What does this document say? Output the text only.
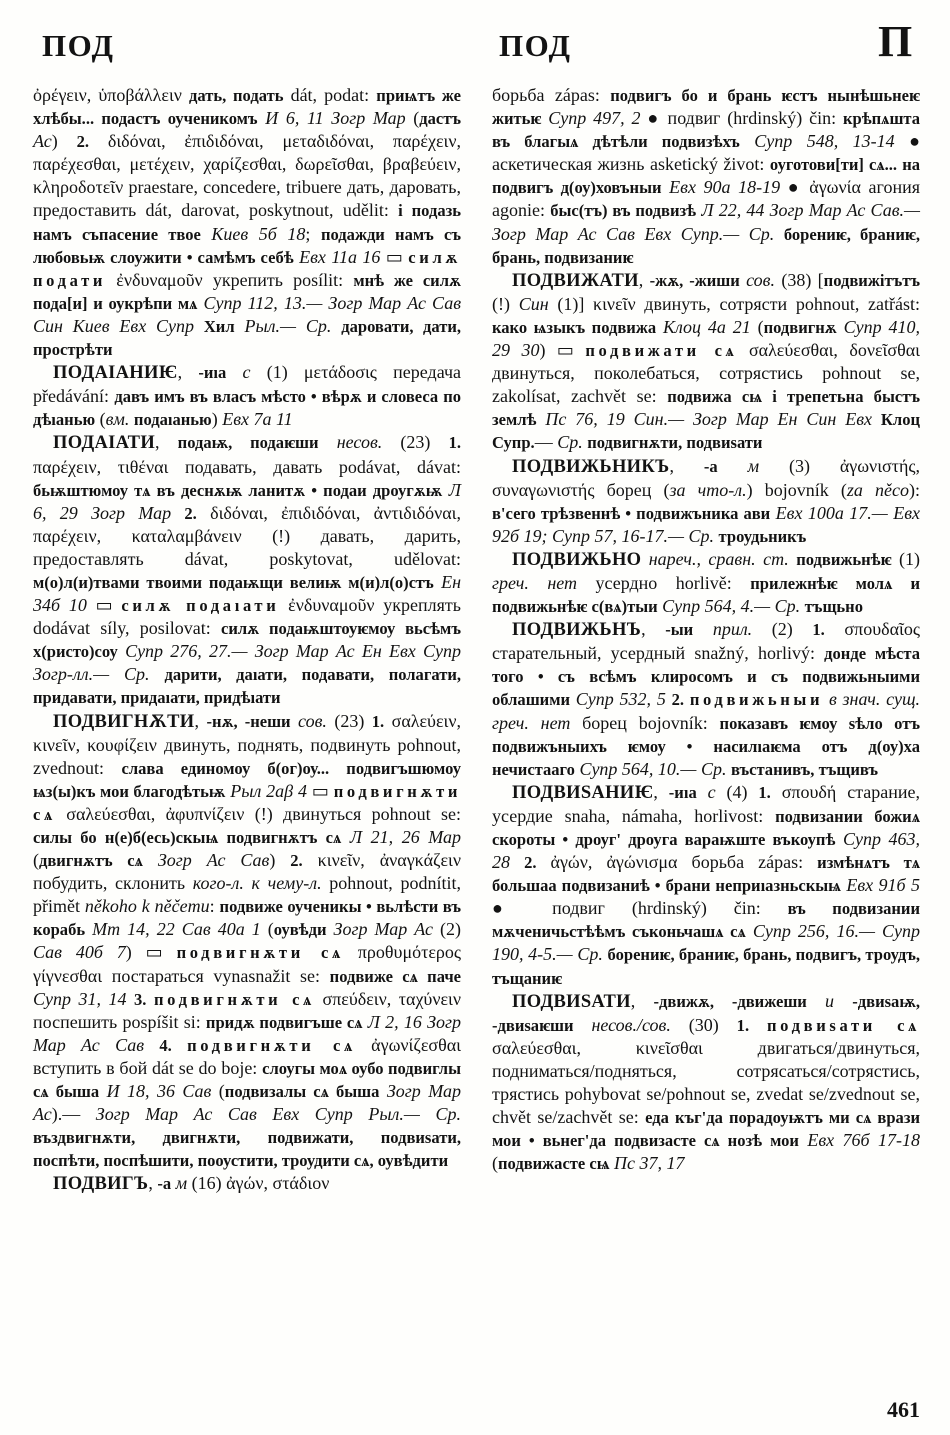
ПОД	ПОД	П

ὀρέγειν, ὑποβάλλειν дать, подать dát, podat: приѩтъ же хлѣбы... подастъ оученикомъ И 6, 11 Зогр Мар (дастъ Ас) 2. διδόναι, ἐπιδιδόναι, μεταδιδόναι, παρέχειν, παρέχεσθαι, μετέχειν, χαρίζεσθαι, δωρεῖσθαι, βραβεύειν, κληροδοτεῖν praestare, concedere, tribuere дать, даровать, предоставить dát, darovat, poskytnout, udělit: і подазь намъ съпасение твое Киев 5б 18; подажди намъ съ любовьѭ слоужити • самѣмъ себѣ Евх 11а 16 ▭ силѫ подати ἐνδυναμοῦν укрепить posílit: мнѣ же силѫ пода[и] и оукрѣпи мѧ Супр 112, 13.— Зогр Мар Ас Сав Син Киев Евх Супр Хил Рыл.— Ср. даровати, дати, прострѣти

ПОДАІАНИѤ, -иıа с (1) μετάδοσις передача předávání: давъ имъ въ власъ мѣсто • вѣрѫ и словеса по дѣıанью (вм. подаıанью) Евх 7а 11

ПОДАІАТИ, подаѭ, подаѥши несов. (23) 1. παρέχειν, τιθέναι подавать, давать podávat, dávat: бьѭштюмоу тѧ въ деснѫѭ ланитѫ • подаи дроугѫѭ Л 6, 29 Зогр Мар 2. διδόναι, ἐπιδιδόναι, ἀντιδιδόναι, παρέχειν, καταλαμβάνειν (!) давать, дарить, предоставлять dávat, poskytovat, udělovat: м(о)л(и)твами твоими подаѭщи велиѭ м(и)л(о)стъ Ен 34б 10 ▭ силѫ подаıати ἐνδυναμοῦν укреплять dodávat síly, posilovat: силѫ подаѭштоуѥмоу вьсѣмъ х(ристо)соу Супр 276, 27.— Зогр Мар Ас Ен Евх Супр Зогр-лл.— Ср. дарити, даıати, подавати, полагати, придавати, придаıати, придѣıати

ПОДВИГНѪТИ, -нѫ, -неши сов. (23) 1. σαλεύειν, κινεῖν, κουφίζειν двинуть, поднять, подвинуть pohnout, zvednout: слава единомоу б(ог)оу... подвигъшюмоу ѩз(ы)къ мои благодѣтьѭ Рыл 2аβ 4 ▭ подвигнѫти сѧ σαλεύεσθαι, ἀφυπνίζειν (!) двинуться pohnout se: силы бо н(е)б(есь)скыѩ подвигнѫтъ сѧ Л 21, 26 Мар (двигнѫтъ сѧ Зогр Ас Сав) 2. κινεῖν, ἀναγκάζειν побудить, склонить кого-л. к чему-л. pohnout, podnítit, přimět někoho k něčemu: подвиже оученикы • вьлѣсти въ корабь Мт 14, 22 Сав 40а 1 (оувѣди Зогр Мар Ас (2) Сав 40б 7) ▭ подвигнѫти сѧ προθυμότερος γίγνεσθαι постараться vynasnažit se: подвиже сѧ паче Супр 31, 14 3. подвигнѫти сѧ σπεύδειν, ταχύνειν поспешить pospíšit si: придѫ подвигъше сѧ Л 2, 16 Зогр Мар Ас Сав 4. подвигнѫти сѧ ἀγωνίζεσθαι вступить в бой dát se do boje: слоугы моѧ оубо подвиглы сѧ быша И 18, 36 Сав (подвизалы сѧ быша Зогр Мар Ас).— Зогр Мар Ас Сав Евх Супр Рыл.— Ср. въздвигнѫти, двигнѫти, подвижати, подвиѕати, поспѣти, поспѣшити, пооустити, троудити сѧ, оувѣдити

ПОДВИГЪ, -а м (16) ἀγών, στάδιον

борьба zápas: подвигъ бо и брань ѥстъ нынѣшьнеѥ житьѥ Супр 497, 2 ● подвиг (hrdinský) čin: крѣпѧшта въ благыѧ дѣтѣли подвизѣхъ Супр 548, 13-14 ● аскетическая жизнь asketický život: оуготови[ти] сѧ... на подвигъ д(оу)ховъныи Евх 90а 18-19 ● ἀγωνία агония agonie: быс(тъ) въ подвизѣ Л 22, 44 Зогр Мар Ас Сав.— Зогр Мар Ас Сав Евх Супр.— Ср. борениѥ, браниѥ, брань, подвизаниѥ

ПОДВИЖАТИ, -жѫ, -жиши сов. (38) [подвижітътъ (!) Син (1)] κινεῖν двинуть, сотрясти pohnout, zatřást: како ѩзыкъ подвижа Клоц 4а 21 (подвигнѫ Супр 410, 29 30) ▭ подвижати сѧ σαλεύεσθαι, δονεῖσθαι двинуться, поколебаться, сотрястись pohnout se, zakolísat, zachvět se: подвижа сѩ і трепетьна быстъ землѣ Пс 76, 19 Син.— Зогр Мар Ен Син Евх Клоц Супр.— Ср. подвигнѫти, подвиѕати

ПОДВИЖЬНИКЪ, -а м (3) ἀγωνιστής, συναγωνιστής борец (за что-л.) bojovník (za něco): в'сего трѣзвеннѣ • подвижъника ави Евх 100а 17.— Евх 92б 19; Супр 57, 16-17.— Ср. троудьникъ

ПОДВИЖЬНО нареч., сравн. ст. подвижьнѣѥ (1) греч. нет усердно horlivě: прилежнѣѥ молѧ и подвижьнѣѥ с(вѧ)тыи Супр 564, 4.— Ср. тъщьно

ПОДВИЖЬНЪ, -ыи прил. (2) 1. σπουδαῖος старательный, усердный snažný, horlivý: донде мѣста того • съ всѣмъ клиросомъ и съ подвижьныими облашими Супр 532, 5 2. подвижьныи в знач. сущ. греч. нет борец bojovník: показавъ ѥмоу ѕѣло отъ подвижъныихъ ѥмоу • насилıаѥма отъ д(оу)ха нечистааго Супр 564, 10.— Ср. въстанивъ, тъщивъ

ПОДВИЅАНИѤ, -иıа с (4) 1. σπουδή старание, усердие snaha, námaha, horlivost: подвизании божиѧ скороты • дроуг' дроуга вараѭште въкоупѣ Супр 463, 28 2. ἀγών, ἀγώνισμα борьба zápas: измѣнѧтъ тѧ большаа подвизаниѣ • брани неприıазньскыѩ Евх 91б 5 ● подвиг (hrdinský) čin: въ подвизании мѫченичьстѣѣмъ съконьчашѧ сѧ Супр 256, 16.— Супр 190, 4-5.— Ср. борениѥ, браниѥ, брань, подвигъ, троудъ, тъщаниѥ

ПОДВИЅАТИ, -движѫ, -движеши и -двиѕаѭ, -двиѕаѥши несов./сов. (30) 1. подвиѕати сѧ σαλεύεσθαι, κινεῖσθαι двигаться/двинуться, подниматься/подняться, сотрясаться/сотрястись, трястись pohybovat se/pohnout se, zvedat se/zvednout se, chvět se/zachvět se: еда къг'да порадоуѭтъ ми сѧ врази мои • вьнег'да подвизасте сѧ нозѣ мои Евх 76б 17-18 (подвижасте сѩ Пс 37, 17

461
